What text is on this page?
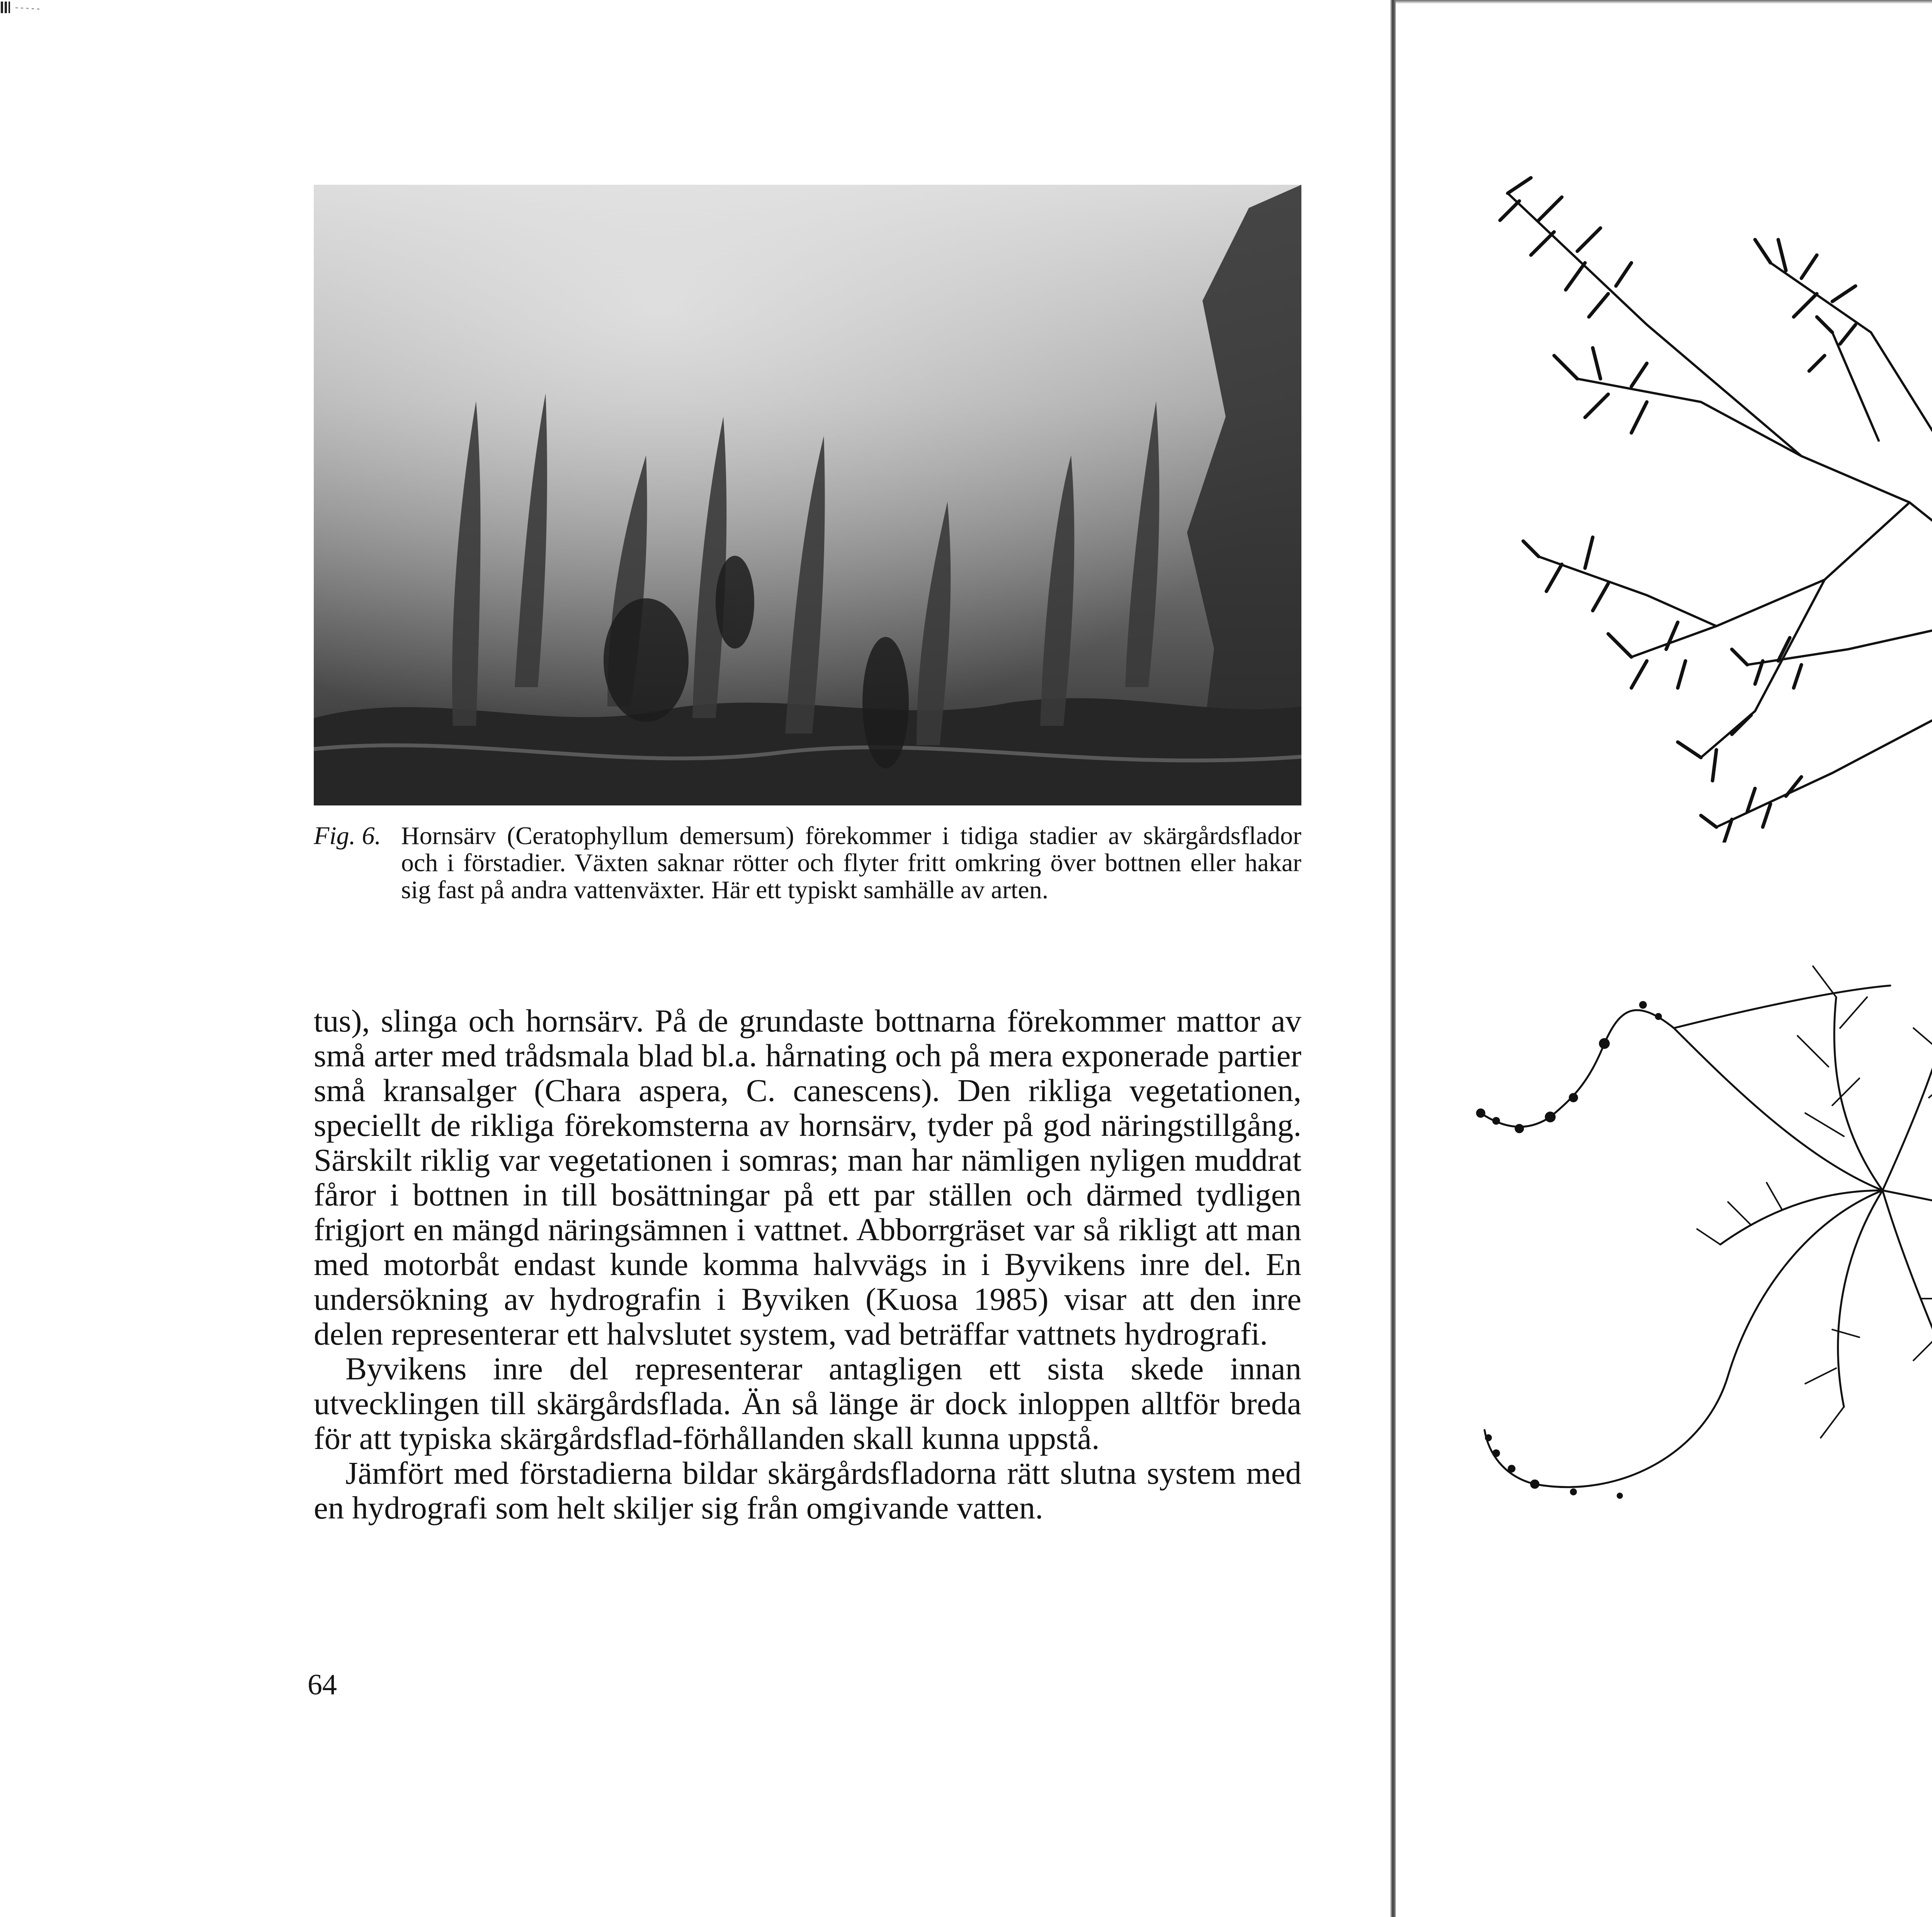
Fig. 6. Hornsärv (Ceratophyllum demersum) förekommer i tidiga stadier av skärgårdsflador och i förstadier. Växten saknar rötter och flyter fritt omkring över bottnen eller hakar sig fast på andra vattenväxter. Här ett typiskt samhälle av arten.

tus), slinga och hornsärv. På de grundaste bottnarna förekommer mattor av små arter med trådsmala blad bl.a. hårnating och på mera exponerade partier små kransalger (Chara aspera, C. canescens). Den rikliga vegetationen, speciellt de rikliga förekomsterna av hornsärv, tyder på god näringstillgång. Särskilt riklig var vegetationen i somras; man har nämligen nyligen muddrat fåror i bottnen in till bosättningar på ett par ställen och därmed tydligen frigjort en mängd näringsämnen i vattnet. Abborrgräset var så rikligt att man med motorbåt endast kunde komma halvvägs in i Byvikens inre del. En undersökning av hydrografin i Byviken (Kuosa 1985) visar att den inre delen representerar ett halvslutet system, vad beträffar vattnets hydrografi.

Byvikens inre del representerar antagligen ett sista skede innan utvecklingen till skärgårdsflada. Än så länge är dock inloppen alltför breda för att typiska skärgårdsflad-förhållanden skall kunna uppstå.

Jämfört med förstadierna bildar skärgårdsfladorna rätt slutna system med en hydrografi som helt skiljer sig från omgivande vatten.

64
